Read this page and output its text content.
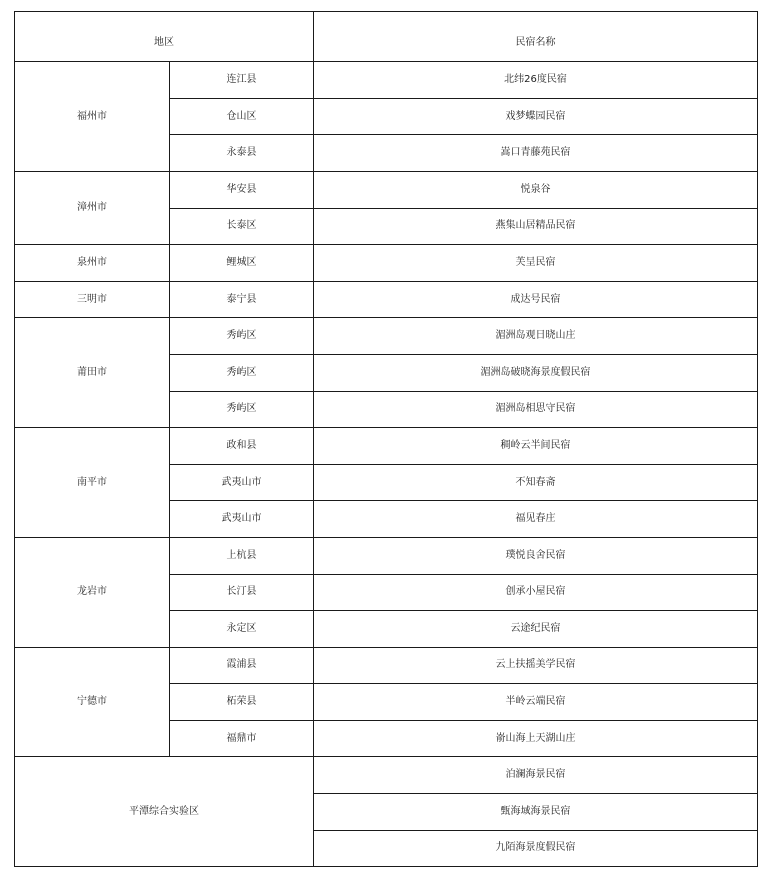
地区		民宿名称
福州市	连江县	北纬26度民宿
	仓山区	戏梦蝶园民宿
	永泰县	嵩口青藤苑民宿
漳州市	华安县	悦泉谷
	长泰区	燕集山居精品民宿
泉州市	鲤城区	芙呈民宿
三明市	泰宁县	成达号民宿
莆田市	秀屿区	湄洲岛观日晓山庄
	秀屿区	湄洲岛破晓海景度假民宿
	秀屿区	湄洲岛相思守民宿
南平市	政和县	稠岭云半间民宿
	武夷山市	不知春斋
	武夷山市	福见春庄
龙岩市	上杭县	璞悦良舍民宿
	长汀县	创承小屋民宿
	永定区	云途纪民宿
宁德市	霞浦县	云上扶摇美学民宿
	柘荣县	半岭云端民宿
	福鼎市	嵛山海上天湖山庄
平潭综合实验区		泊澜海景民宿
		甄海域海景民宿
		九陌海景度假民宿
